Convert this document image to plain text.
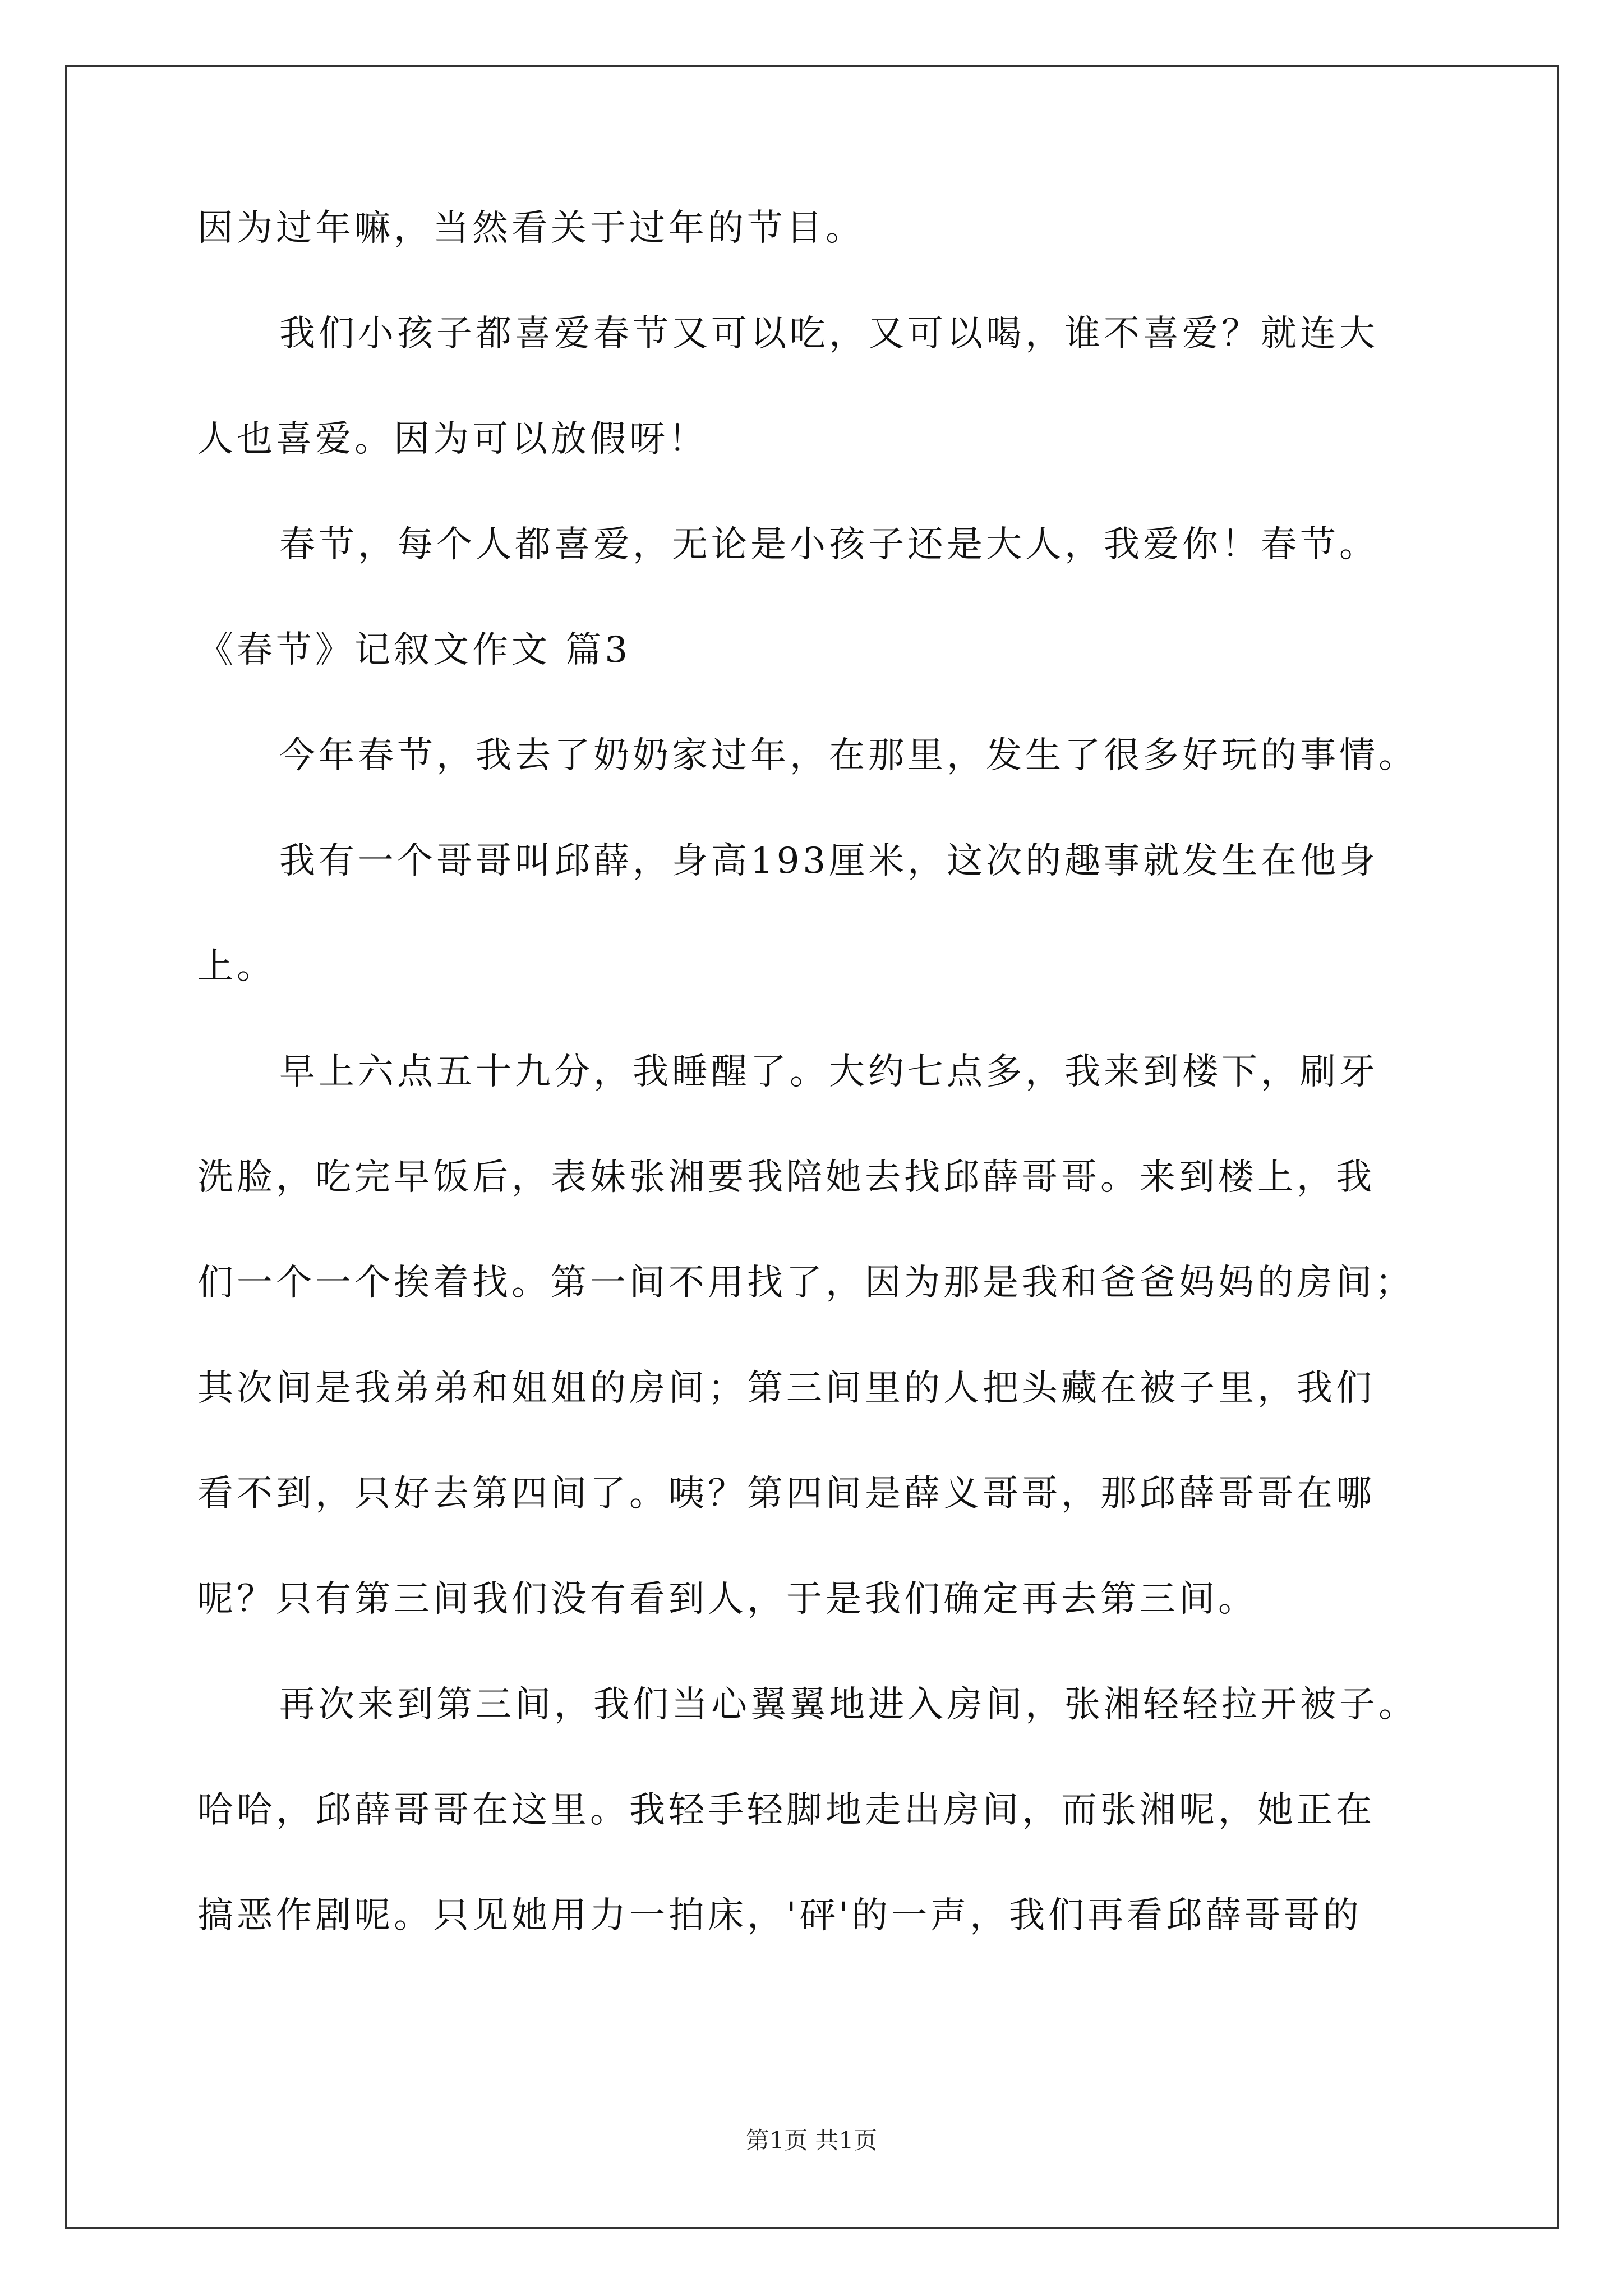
因为过年嘛，当然看关于过年的节目。
我们小孩子都喜爱春节又可以吃，又可以喝，谁不喜爱？就连大
人也喜爱。因为可以放假呀！
春节，每个人都喜爱，无论是小孩子还是大人，我爱你！春节。
《春节》记叙文作文 篇3
今年春节，我去了奶奶家过年，在那里，发生了很多好玩的事情。
我有一个哥哥叫邱薛，身高193厘米，这次的趣事就发生在他身
上。
早上六点五十九分，我睡醒了。大约七点多，我来到楼下，刷牙
洗脸，吃完早饭后，表妹张湘要我陪她去找邱薛哥哥。来到楼上，我
们一个一个挨着找。第一间不用找了，因为那是我和爸爸妈妈的房间；
其次间是我弟弟和姐姐的房间；第三间里的人把头藏在被子里，我们
看不到，只好去第四间了。咦？第四间是薛义哥哥，那邱薛哥哥在哪
呢？只有第三间我们没有看到人，于是我们确定再去第三间。
再次来到第三间，我们当心翼翼地进入房间，张湘轻轻拉开被子。
哈哈，邱薛哥哥在这里。我轻手轻脚地走出房间，而张湘呢，她正在
搞恶作剧呢。只见她用力一拍床，'砰'的一声，我们再看邱薛哥哥的
第1页 共1页
